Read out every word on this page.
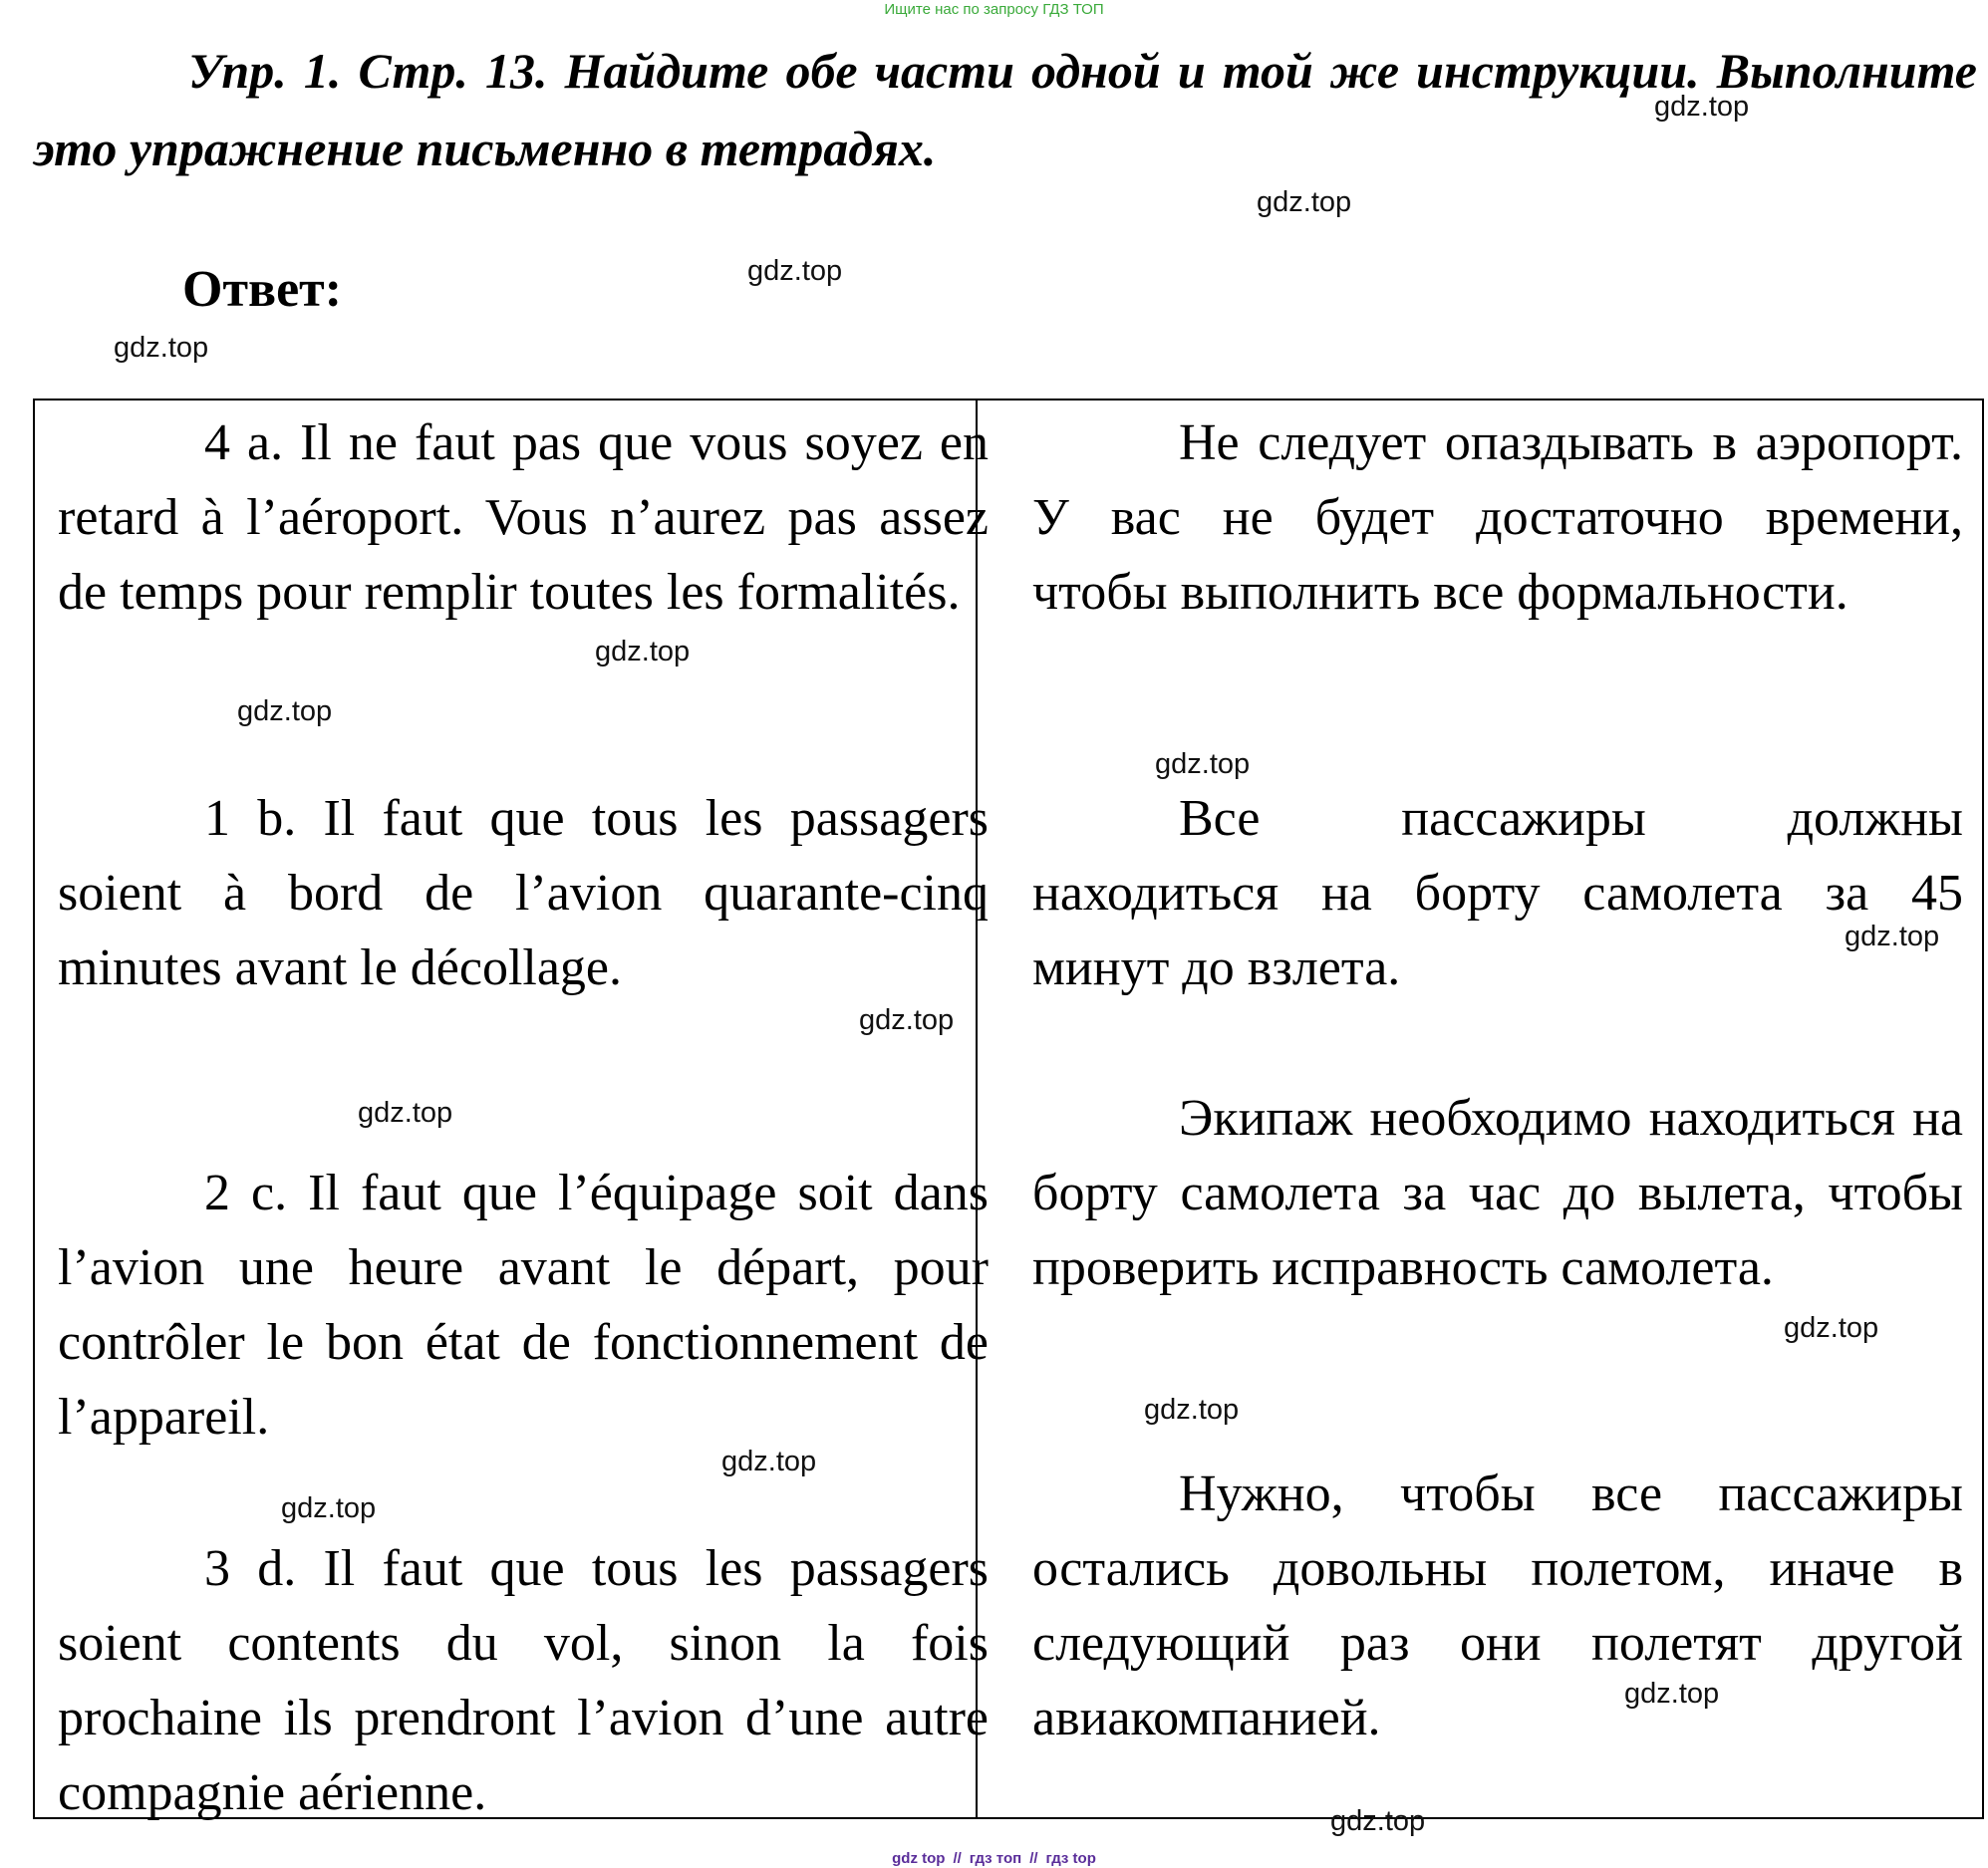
Ищите нас по запросу ГДЗ ТОП
Упр. 1. Стр. 13. Найдите обе части одной и той же инструкции. Выполните это упражнение письменно в тетрадях.
Ответ:
gdz.top
gdz.top
gdz.top
gdz.top
4 a. Il ne faut pas que vous soyez en retard à l’aéroport. Vous n’aurez pas assez de temps pour remplir toutes les formalités.
1 b. Il faut que tous les passagers soient à bord de l’avion quarante-cinq minutes avant le décollage.
2 c. Il faut que l’équipage soit dans l’avion une heure avant le départ, pour contrôler le bon état de fonctionnement de l’appareil.
3 d. Il faut que tous les passagers soient contents du vol, sinon la fois prochaine ils prendront l’avion d’une autre compagnie aérienne.
Не следует опаздывать в аэропорт. У вас не будет достаточно времени, чтобы выполнить все формальности.
Все пассажиры должны находиться на борту самолета за 45 минут до взлета.
Экипаж необходимо находиться на борту самолета за час до вылета, чтобы проверить исправность самолета.
Нужно, чтобы все пассажиры остались довольны полетом, иначе в следующий раз они полетят другой авиакомпанией.
gdz.top
gdz.top
gdz.top
gdz.top
gdz.top
gdz.top
gdz.top
gdz.top
gdz.top
gdz.top
gdz.top
gdz.top
gdz top // гдз топ // гдз top
